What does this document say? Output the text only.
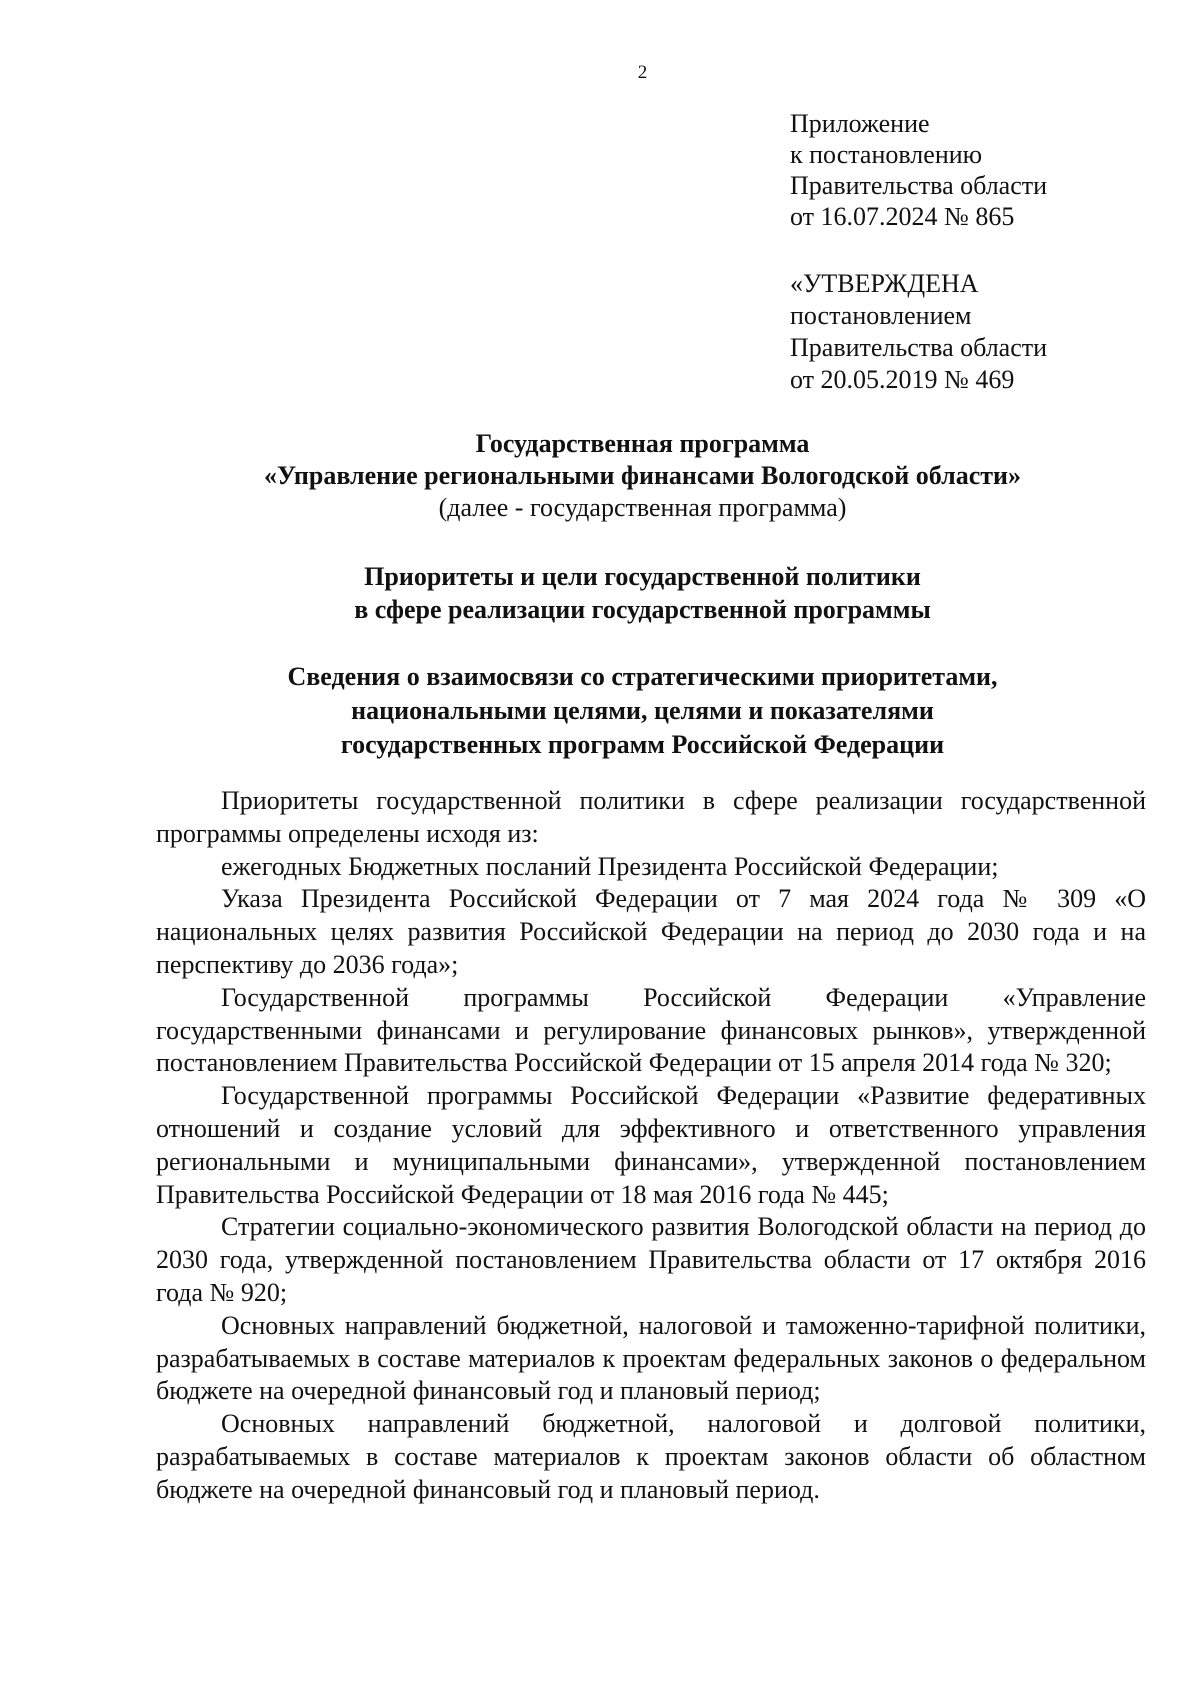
2
Приложение
к постановлению
Правительства области
от 16.07.2024 № 865
«УТВЕРЖДЕНА
постановлением
Правительства области
от 20.05.2019 № 469
Государственная программа
«Управление региональными финансами Вологодской области»
(далее - государственная программа)
Приоритеты и цели государственной политики
в сфере реализации государственной программы
Сведения о взаимосвязи со стратегическими приоритетами,
национальными целями, целями и показателями
государственных программ Российской Федерации

Приоритеты государственной политики в сфере реализации государственной программы определены исходя из:

ежегодных Бюджетных посланий Президента Российской Федерации;

Указа Президента Российской Федерации от 7 мая 2024 года № 309 «О национальных целях развития Российской Федерации на период до 2030 года и на перспективу до 2036 года»;

Государственной программы Российской Федерации «Управление государственными финансами и регулирование финансовых рынков», утвержденной постановлением Правительства Российской Федерации от 15 апреля 2014 года № 320;

Государственной программы Российской Федерации «Развитие федеративных отношений и создание условий для эффективного и ответственного управления региональными и муниципальными финансами», утвержденной постановлением Правительства Российской Федерации от 18 мая 2016 года № 445;

Стратегии социально-экономического развития Вологодской области на период до 2030 года, утвержденной постановлением Правительства области от 17 октября 2016 года № 920;

Основных направлений бюджетной, налоговой и таможенно-тарифной политики, разрабатываемых в составе материалов к проектам федеральных законов о федеральном бюджете на очередной финансовый год и плановый период;

Основных направлений бюджетной, налоговой и долговой политики, разрабатываемых в составе материалов к проектам законов области об областном бюджете на очередной финансовый год и плановый период.
